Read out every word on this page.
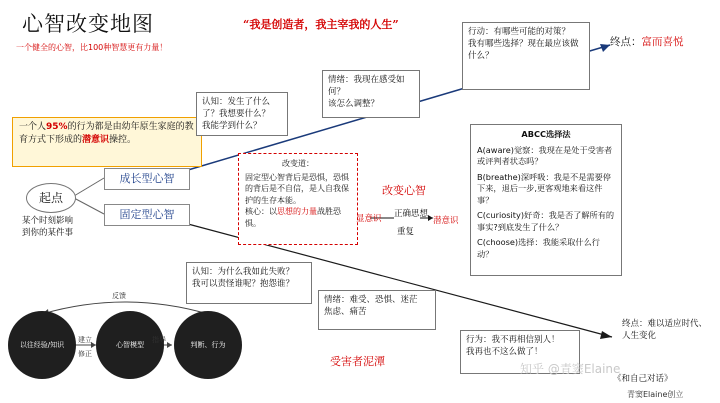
心智改变地图
一个健全的心智，比100种智慧更有力量！
“我是创造者，我主宰我的人生”
终点：富而喜悦
一个人95%的行为都是由幼年原生家庭的教育方式下形成的潜意识操控。
起点
某个时刻影响
到你的某件事
成长型心智
固定型心智
认知：发生了什么了？我想要什么？
我能学到什么？
情绪：我现在感受如何？
该怎么调整？
行动：有哪些可能的对策？
我有哪些选择？现在最应该做什么？
改变道：
固定型心智背后是恐惧，恐惧的背后是不自信，是人自我保护的生存本能。
核心：以思想的力量战胜恐惧。
改变心智
显意识 正确思想
潜意识
重复
ABCC选择法

A(aware)觉察：我现在是处于受害者或评判者状态吗？

B(breathe)深呼吸：我是不是需要停下来，退后一步,更客观地来看这件事？

C(curiosity)好奇：我是否了解所有的事实?到底发生了什么？

C(choose)选择：我能采取什么行动？

认知：为什么我如此失败？
我可以责怪谁呢？抱怨谁？
情绪：难受、恐惧、迷茫
焦虑、痛苦
行为：我不再相信别人！
我再也不这么做了！
受害者泥潭
终点：难以适应时代、
人生变化
知乎 @青窦Elaine
《和自己对话》
青窦Elaine创立
以往经验/知识	心智模型	判断、行为
反馈
建立
修正
指导
